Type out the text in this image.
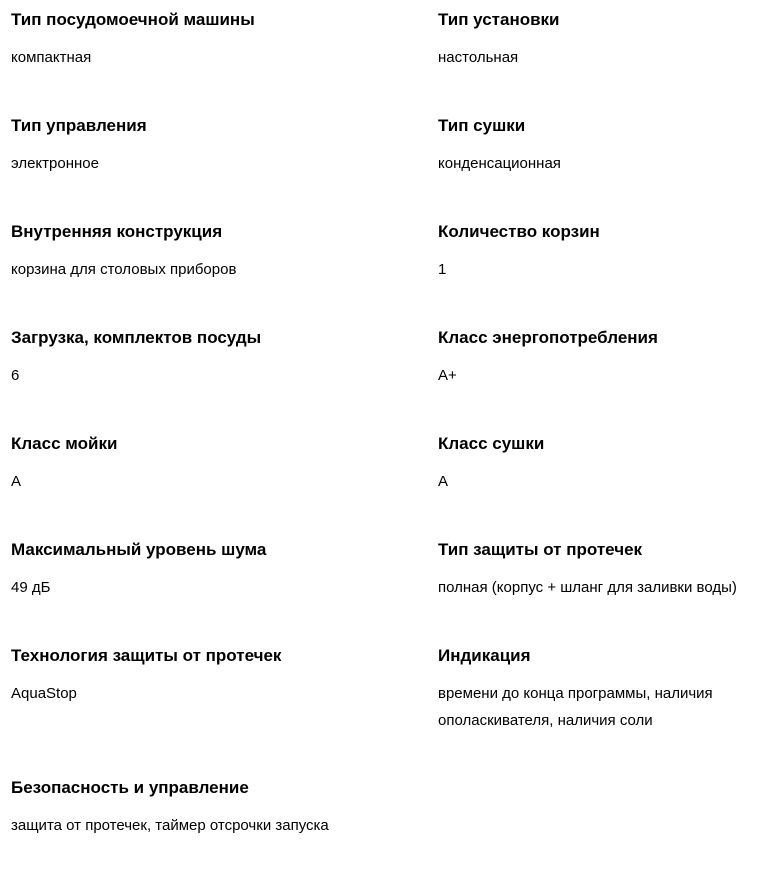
Тип посудомоечной машины
компактная
Тип установки
настольная
Тип управления
электронное
Тип сушки
конденсационная
Внутренняя конструкция
корзина для столовых приборов
Количество корзин
1
Загрузка, комплектов посуды
6
Класс энергопотребления
A+
Класс мойки
A
Класс сушки
A
Максимальный уровень шума
49 дБ
Тип защиты от протечек
полная (корпус + шланг для заливки воды)
Технология защиты от протечек
AquaStop
Индикация
времени до конца программы, наличия ополаскивателя, наличия соли
Безопасность и управление
защита от протечек, таймер отсрочки запуска
